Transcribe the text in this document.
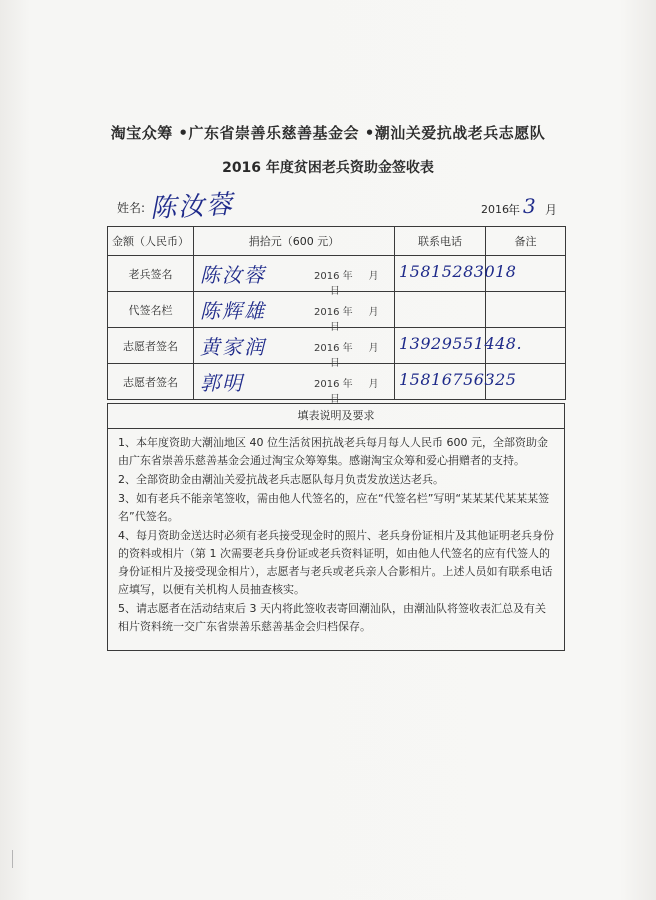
淘宝众筹 •广东省崇善乐慈善基金会 •潮汕关爱抗战老兵志愿队
2016 年度贫困老兵资助金签收表
姓名: 陈汝蓉	2016 年 3 月
金额（人民币）	捐拾元（600 元）	联系电话	备注
老兵签名	陈汝蓉 2016 年 月     日	15815283018	

代签名栏	陈辉雄 2016 年 月     日		

志愿者签名	黄家润 2016 年 月     日	13929551448.	

志愿者签名	郭明 2016 年 月     日	15816756325	

填表说明及要求

1、本年度资助大潮汕地区 40 位生活贫困抗战老兵每月每人人民币 600 元，全部资助金由广东省崇善乐慈善基金会通过淘宝众筹筹集。感谢淘宝众筹和爱心捐赠者的支持。

2、全部资助金由潮汕关爱抗战老兵志愿队每月负责发放送达老兵。

3、如有老兵不能亲笔签收，需由他人代签名的，应在“代签名栏”写明“某某某代某某某签名”代签名。

4、每月资助金送达时必须有老兵接受现金时的照片、老兵身份证相片及其他证明老兵身份的资料或相片（第 1 次需要老兵身份证或老兵资料证明，如由他人代签名的应有代签人的身份证相片及接受现金相片），志愿者与老兵或老兵亲人合影相片。上述人员如有联系电话应填写，以便有关机构人员抽查核实。

5、请志愿者在活动结束后 3 天内将此签收表寄回潮汕队，由潮汕队将签收表汇总及有关相片资料统一交广东省崇善乐慈善基金会归档保存。
